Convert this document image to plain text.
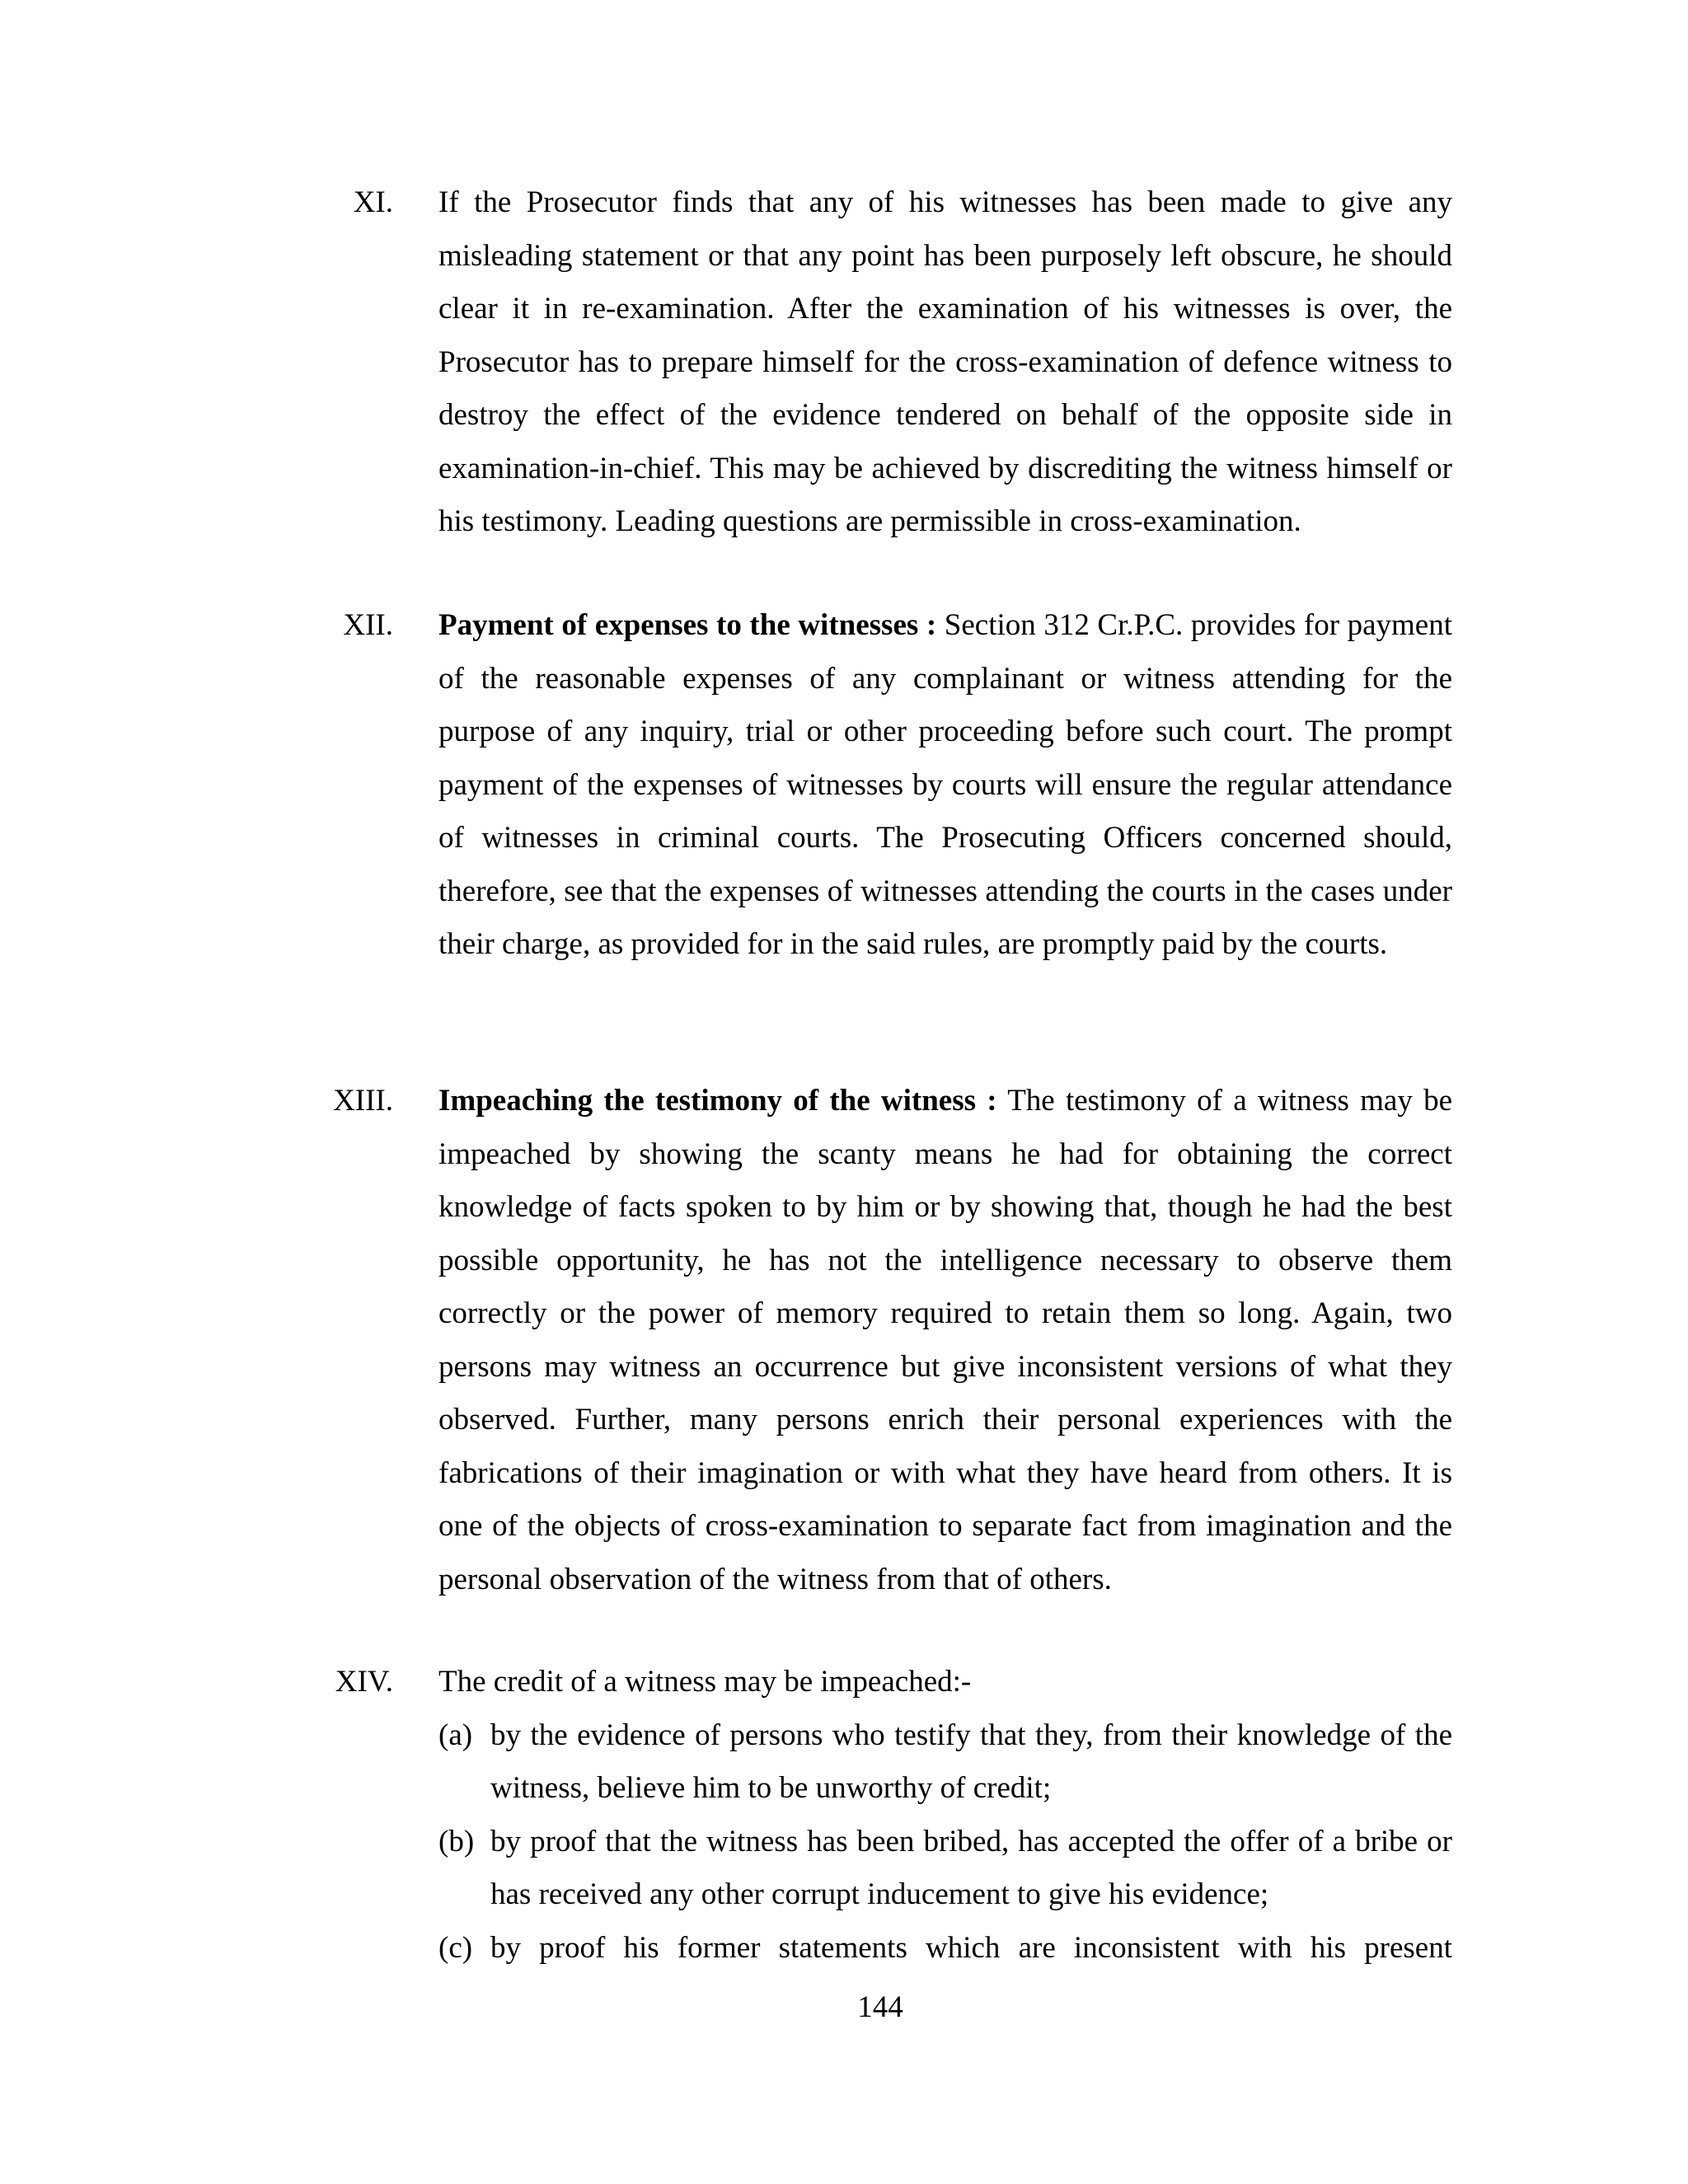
XI. If the Prosecutor finds that any of his witnesses has been made to give any misleading statement or that any point has been purposely left obscure, he should clear it in re-examination. After the examination of his witnesses is over, the Prosecutor has to prepare himself for the cross-examination of defence witness to destroy the effect of the evidence tendered on behalf of the opposite side in examination-in-chief. This may be achieved by discrediting the witness himself or his testimony. Leading questions are permissible in cross-examination.

XII. Payment of expenses to the witnesses : Section 312 Cr.P.C. provides for payment of the reasonable expenses of any complainant or witness attending for the purpose of any inquiry, trial or other proceeding before such court. The prompt payment of the expenses of witnesses by courts will ensure the regular attendance of witnesses in criminal courts. The Prosecuting Officers concerned should, therefore, see that the expenses of witnesses attending the courts in the cases under their charge, as provided for in the said rules, are promptly paid by the courts.

XIII. Impeaching the testimony of the witness : The testimony of a witness may be impeached by showing the scanty means he had for obtaining the correct knowledge of facts spoken to by him or by showing that, though he had the best possible opportunity, he has not the intelligence necessary to observe them correctly or the power of memory required to retain them so long. Again, two persons may witness an occurrence but give inconsistent versions of what they observed. Further, many persons enrich their personal experiences with the fabrications of their imagination or with what they have heard from others. It is one of the objects of cross-examination to separate fact from imagination and the personal observation of the witness from that of others.

XIV. The credit of a witness may be impeached:-

(a) by the evidence of persons who testify that they, from their knowledge of the witness, believe him to be unworthy of credit;
(b) by proof that the witness has been bribed, has accepted the offer of a bribe or has received any other corrupt inducement to give his evidence;
(c) by proof his former statements which are inconsistent with his present
144
